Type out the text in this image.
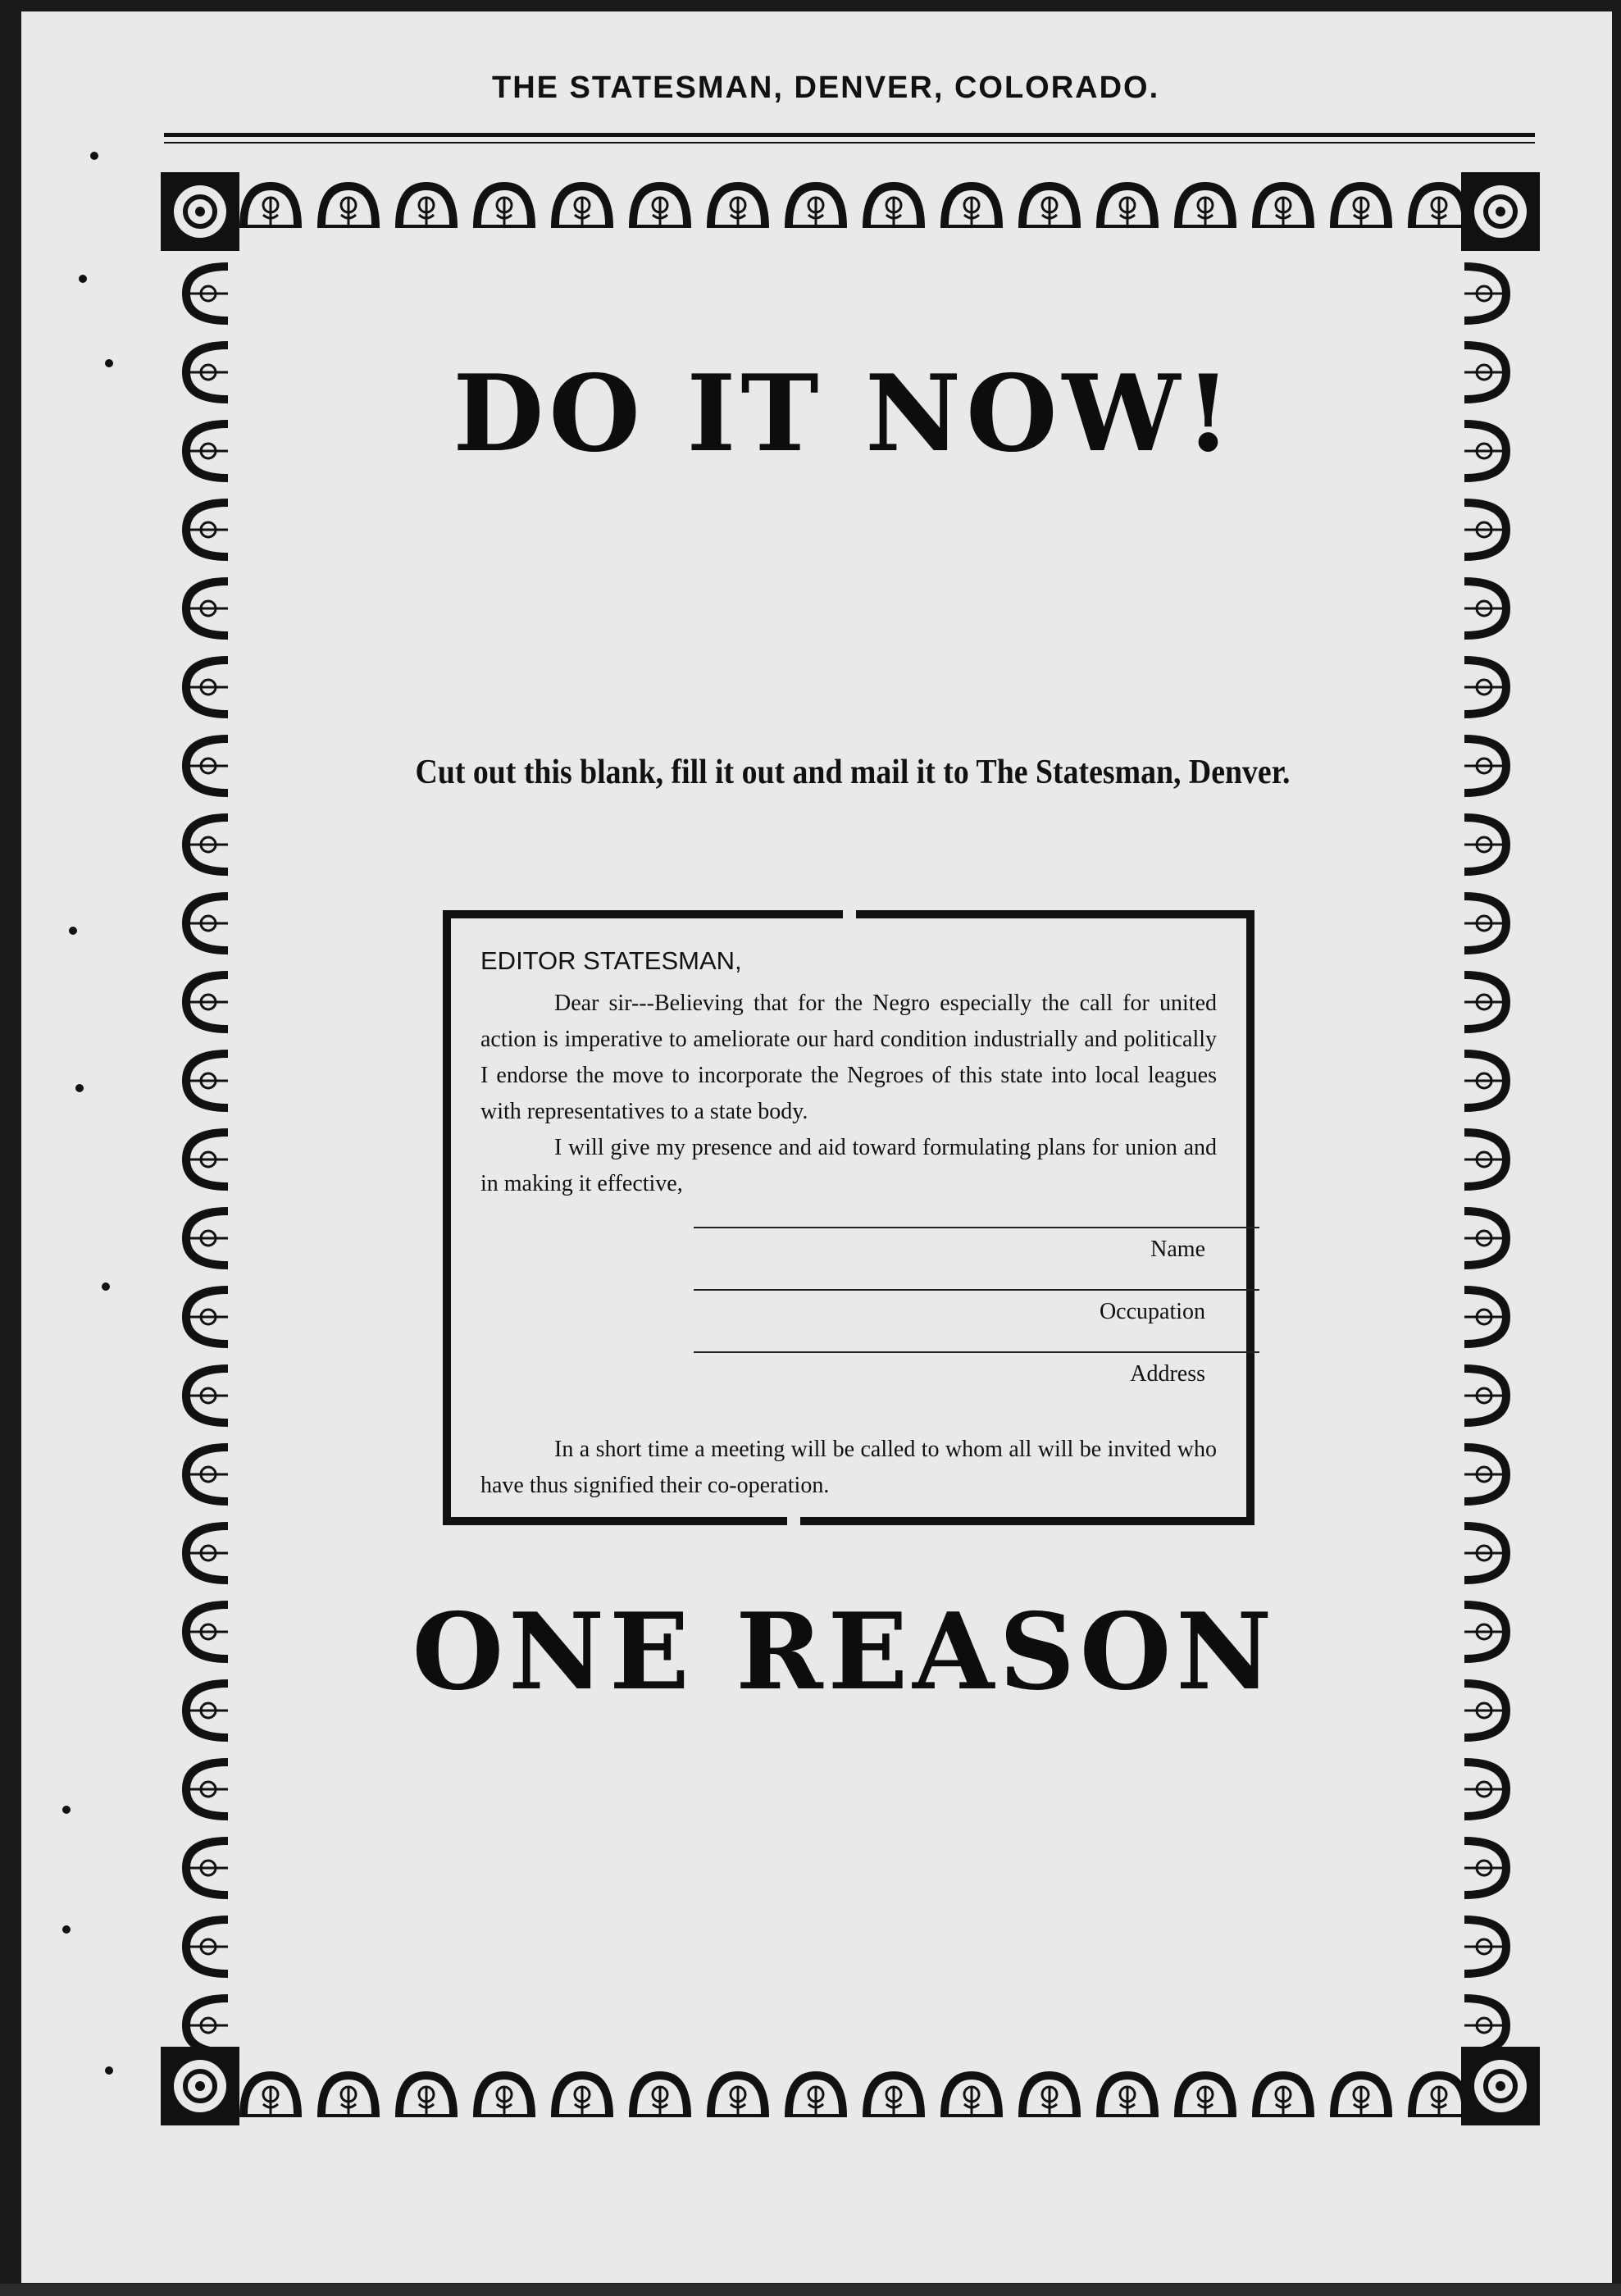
THE STATESMAN, DENVER, COLORADO.
DO IT NOW!
Cut out this blank, fill it out and mail it to The Statesman, Denver.
EDITOR STATESMAN,

Dear sir---Believing that for the Negro especially the call for united action is imperative to ameliorate our hard condition industrially and politically I endorse the move to incorporate the Negroes of this state into local leagues with representatives to a state body.

I will give my presence and aid toward formulating plans for union and in making it effective,

Name
Occupation
Address

In a short time a meeting will be called to whom all will be invited who have thus signified their co-operation.

ONE REASON
